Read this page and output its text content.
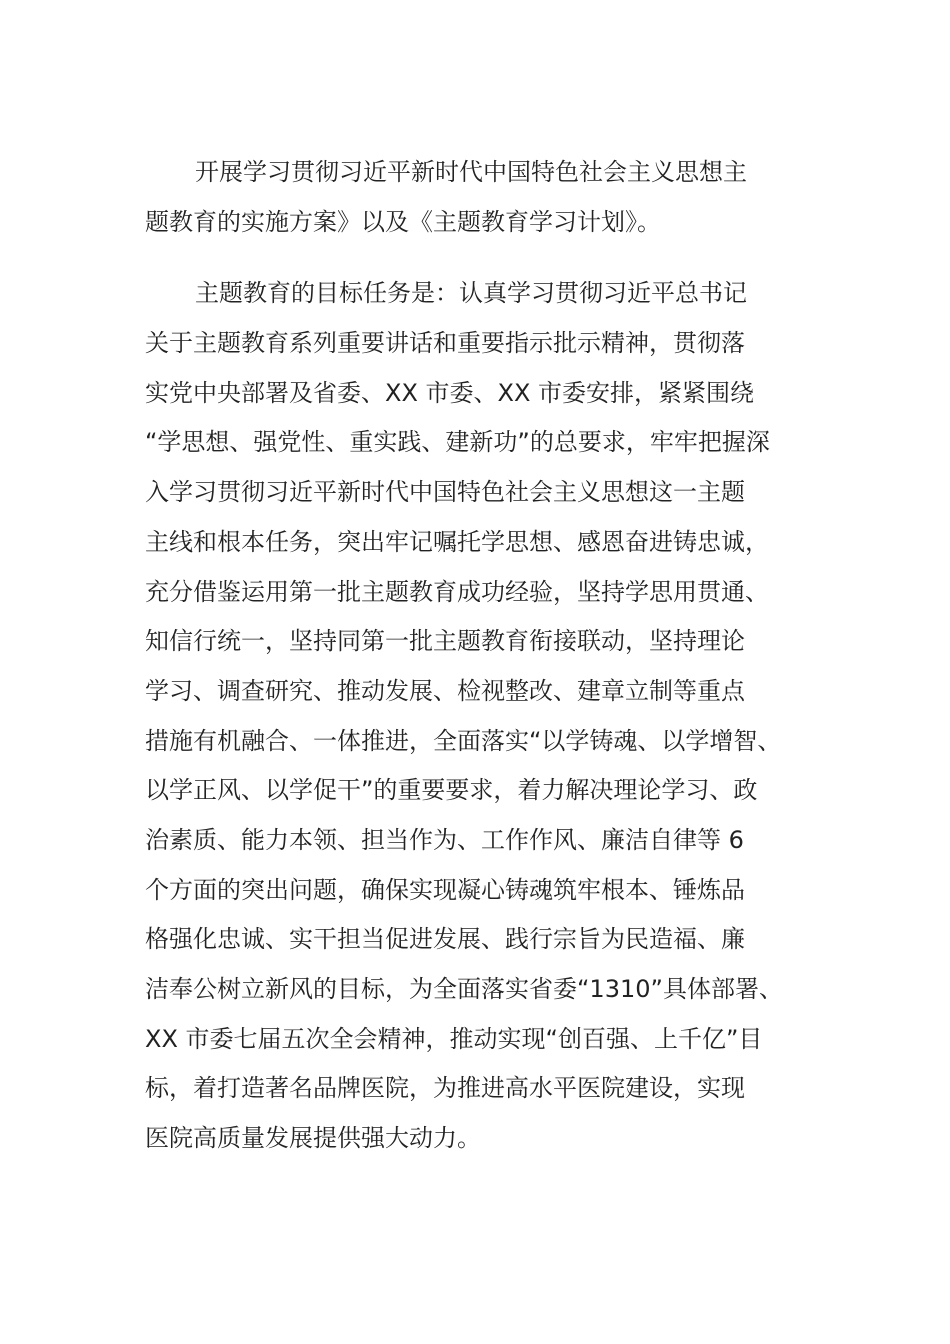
开展学习贯彻习近平新时代中国特色社会主义思想主
题教育的实施方案》以及《主题教育学习计划》。
主题教育的目标任务是：认真学习贯彻习近平总书记
关于主题教育系列重要讲话和重要指示批示精神，贯彻落
实党中央部署及省委、XX 市委、XX 市委安排，紧紧围绕
“学思想、强党性、重实践、建新功”的总要求，牢牢把握深
入学习贯彻习近平新时代中国特色社会主义思想这一主题
主线和根本任务，突出牢记嘱托学思想、感恩奋进铸忠诚，
充分借鉴运用第一批主题教育成功经验，坚持学思用贯通、
知信行统一，坚持同第一批主题教育衔接联动，坚持理论
学习、调查研究、推动发展、检视整改、建章立制等重点
措施有机融合、一体推进，全面落实“以学铸魂、以学增智、
以学正风、以学促干”的重要要求，着力解决理论学习、政
治素质、能力本领、担当作为、工作作风、廉洁自律等 6
个方面的突出问题，确保实现凝心铸魂筑牢根本、锤炼品
格强化忠诚、实干担当促进发展、践行宗旨为民造福、廉
洁奉公树立新风的目标，为全面落实省委“1310”具体部署、
XX 市委七届五次全会精神，推动实现“创百强、上千亿”目
标，着打造著名品牌医院，为推进高水平医院建设，实现
医院高质量发展提供强大动力。
